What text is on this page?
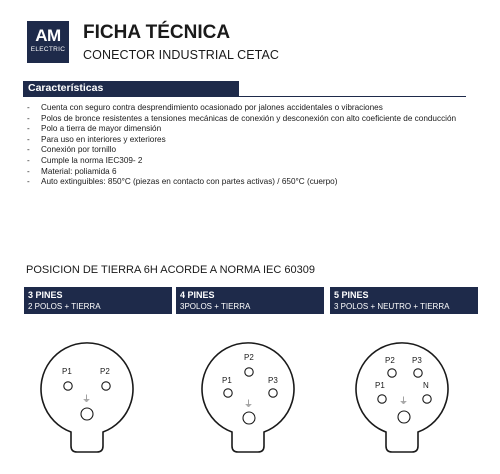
AM
ELECTRIC
FICHA TÉCNICA
CONECTOR INDUSTRIAL CETAC
Características
- Cuenta con seguro contra desprendimiento ocasionado por jalones accidentales o vibraciones
- Polos de bronce resistentes a tensiones mecánicas de conexión y desconexión con alto coeficiente de conducción
- Polo a tierra de mayor dimensión
- Para uso en interiores y exteriores
- Conexión por tornillo
- Cumple la norma IEC309- 2
- Material: poliamida 6
- Auto extinguibles: 850°C (piezas en contacto con partes activas) / 650°C (cuerpo)
POSICION DE TIERRA 6H ACORDE A NORMA IEC 60309
3 PINES
2 POLOS + TIERRA
4 PINES
3POLOS + TIERRA
5 PINES
3 POLOS + NEUTRO + TIERRA
P1	P2
⏚
P2
P1	P3
⏚
P2 P3
P1	N
⏚
